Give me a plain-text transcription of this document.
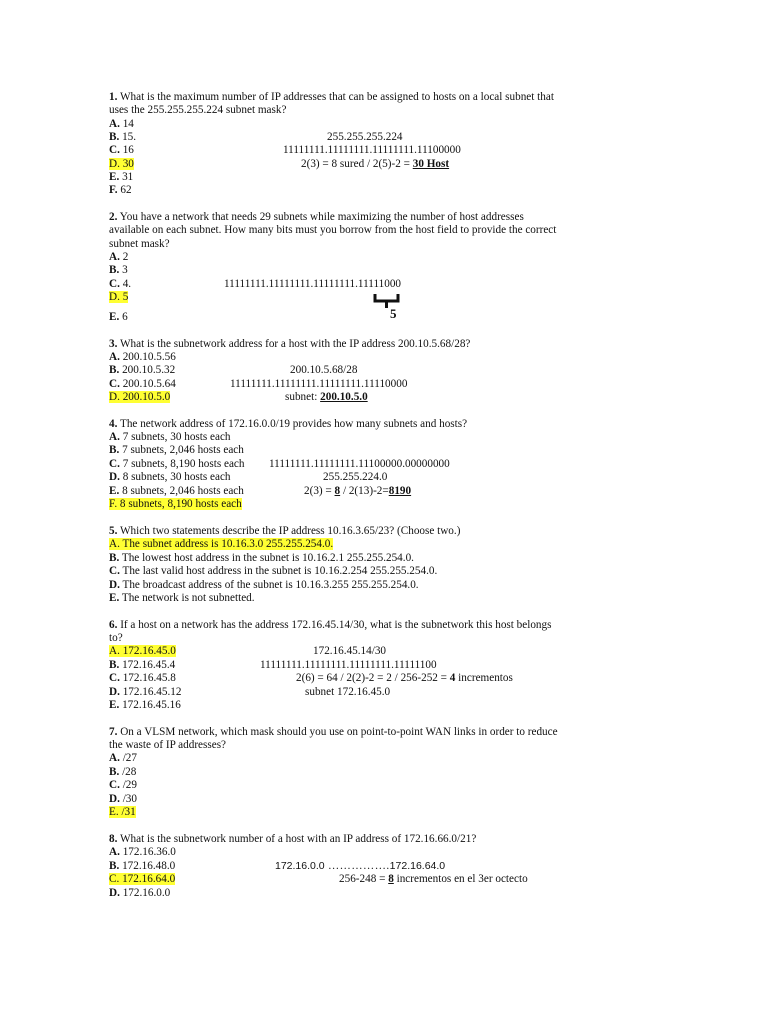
1. What is the maximum number of IP addresses that can be assigned to hosts on a local subnet that uses the 255.255.255.224 subnet mask?
A. 14
B. 15.
C. 16
D. 30
E. 31
F. 62
255.255.255.224
11111111.11111111.11111111.11100000
2(3) = 8 sured / 2(5)-2 = 30 Host
2. You have a network that needs 29 subnets while maximizing the number of host addresses available on each subnet. How many bits must you borrow from the host field to provide the correct subnet mask?
A. 2
B. 3
C. 4.
D. 5
E. 6
11111111.11111111.11111111.11111000
5
3. What is the subnetwork address for a host with the IP address 200.10.5.68/28?
A. 200.10.5.56
B. 200.10.5.32
C. 200.10.5.64
D. 200.10.5.0
200.10.5.68/28
11111111.11111111.11111111.11110000
subnet: 200.10.5.0
4. The network address of 172.16.0.0/19 provides how many subnets and hosts?
A. 7 subnets, 30 hosts each
B. 7 subnets, 2,046 hosts each
C. 7 subnets, 8,190 hosts each
D. 8 subnets, 30 hosts each
E. 8 subnets, 2,046 hosts each
F. 8 subnets, 8,190 hosts each
11111111.11111111.11100000.00000000
255.255.224.0
2(3) = 8 / 2(13)-2=8190
5. Which two statements describe the IP address 10.16.3.65/23? (Choose two.)
A. The subnet address is 10.16.3.0 255.255.254.0.
B. The lowest host address in the subnet is 10.16.2.1 255.255.254.0.
C. The last valid host address in the subnet is 10.16.2.254 255.255.254.0.
D. The broadcast address of the subnet is 10.16.3.255 255.255.254.0.
E. The network is not subnetted.
6. If a host on a network has the address 172.16.45.14/30, what is the subnetwork this host belongs to?
A. 172.16.45.0
B. 172.16.45.4
C. 172.16.45.8
D. 172.16.45.12
E. 172.16.45.16
172.16.45.14/30
11111111.11111111.11111111.11111100
2(6) = 64 / 2(2)-2 = 2 / 256-252 = 4 incrementos
subnet 172.16.45.0
7. On a VLSM network, which mask should you use on point-to-point WAN links in order to reduce the waste of IP addresses?
A. /27
B. /28
C. /29
D. /30
E. /31
8. What is the subnetwork number of a host with an IP address of 172.16.66.0/21?
A. 172.16.36.0
B. 172.16.48.0
C. 172.16.64.0
D. 172.16.0.0
172.16.0.0 …………….172.16.64.0
256-248 = 8 incrementos en el 3er octecto
